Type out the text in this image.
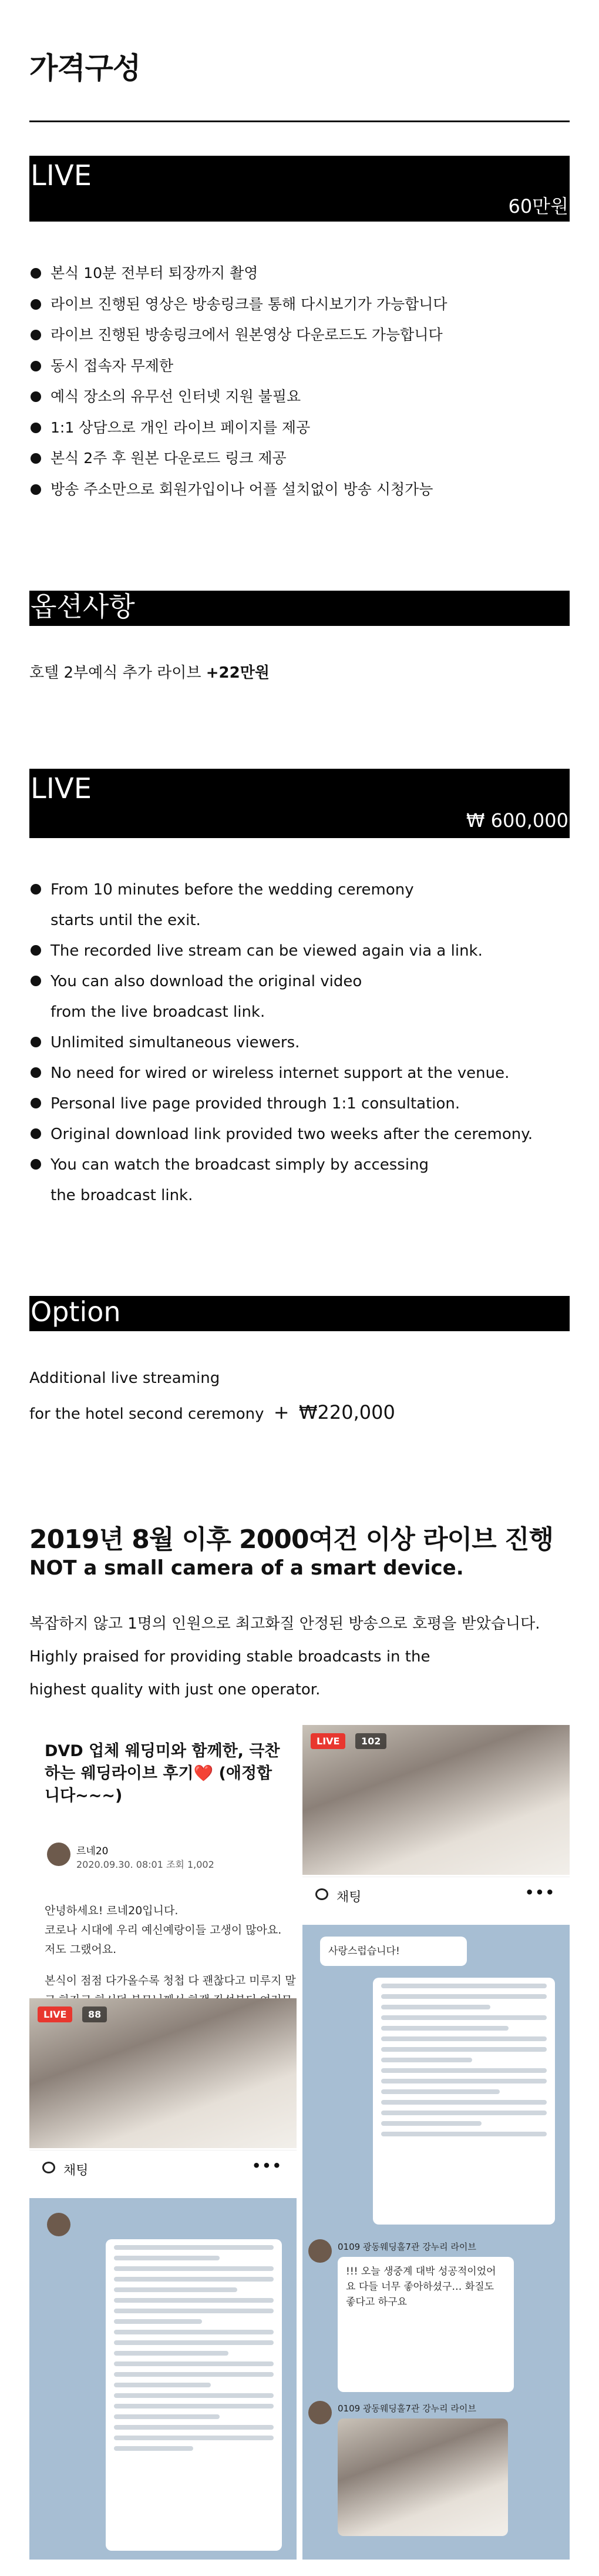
가격구성
LIVE
60만원
본식 10분 전부터 퇴장까지 촬영
라이브 진행된 영상은 방송링크를 통해 다시보기가 가능합니다
라이브 진행된 방송링크에서 원본영상 다운로드도 가능합니다
동시 접속자 무제한
예식 장소의 유무선 인터넷 지원 불필요
1:1 상담으로 개인 라이브 페이지를 제공
본식 2주 후 원본 다운로드 링크 제공
방송 주소만으로 회원가입이나 어플 설치없이 방송 시청가능
옵션사항
호텔 2부예식 추가 라이브 +22만원
LIVE
₩ 600,000
From 10 minutes before the wedding ceremony
starts until the exit.
The recorded live stream can be viewed again via a link.
You can also download the original video
from the live broadcast link.
Unlimited simultaneous viewers.
No need for wired or wireless internet support at the venue.
Personal live page provided through 1:1 consultation.
Original download link provided two weeks after the ceremony.
You can watch the broadcast simply by accessing
the broadcast link.
Option
Additional live streaming
for the hotel second ceremony + ₩220,000
2019년 8월 이후 2000여건 이상 라이브 진행
NOT a small camera of a smart device.
복잡하지 않고 1명의 인원으로 최고화질 안정된 방송으로 호평을 받았습니다.
Highly praised for providing stable broadcasts in the
highest quality with just one operator.
DVD 업체 웨딩미와 함께한, 극찬하는 웨딩라이브 후기❤️ (애정합니다~~~)
르네20
2020.09.30. 08:01 조회 1,002
안녕하세요! 르네20입니다.
코로나 시대에 우리 예신예랑이들 고생이 많아요.
저도 그랬어요.
본식이 점점 다가올수록 청첩 다 괜찮다고 미루지 말
LIVE	102
채팅	•••
사랑스럽습니다!
0109 광동웨딩홀7관 강누리 라이브
!!! 오늘 생중계 대박 성공적이었어요 다들 너무 좋아하셨구… 화질도 좋다고 하구요
0109 광동웨딩홀7관 강누리 라이브
LIVE	88
채팅	•••
